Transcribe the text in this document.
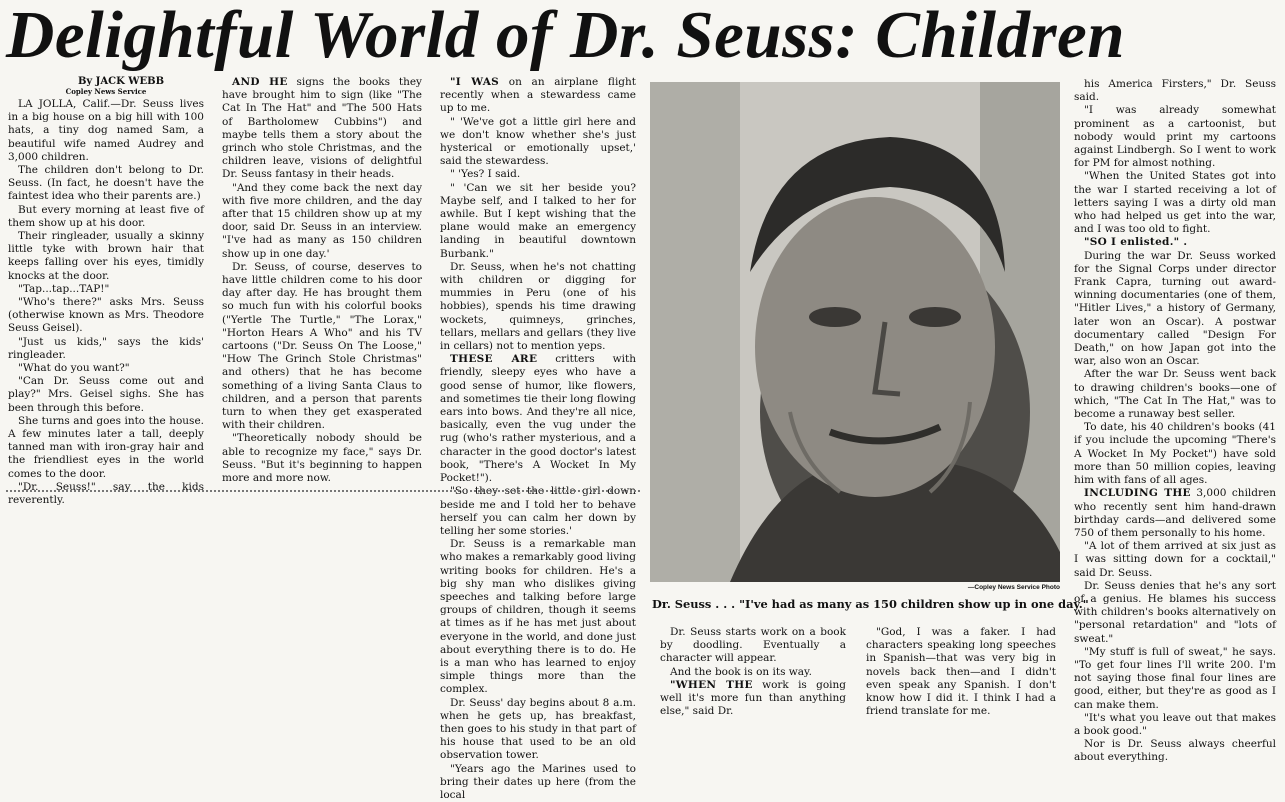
Delightful World of Dr. Seuss: Children
By JACK WEBB
Copley News Service

LA JOLLA, Calif.—Dr. Seuss lives in a big house on a big hill with 100 hats, a tiny dog named Sam, a beautiful wife named Audrey and 3,000 children.

The children don't belong to Dr. Seuss. (In fact, he doesn't have the faintest idea who their parents are.)

But every morning at least five of them show up at his door.

Their ringleader, usually a skinny little tyke with brown hair that keeps falling over his eyes, timidly knocks at the door.

"Tap...tap...TAP!"

"Who's there?" asks Mrs. Seuss (otherwise known as Mrs. Theodore Seuss Geisel).

"Just us kids," says the kids' ringleader.

"What do you want?"

"Can Dr. Seuss come out and play?" Mrs. Geisel sighs. She has been through this before.

She turns and goes into the house. A few minutes later a tall, deeply tanned man with iron-gray hair and the friendliest eyes in the world comes to the door.

"Dr. Seuss!" say the kids reverently.

AND HE signs the books they have brought him to sign (like "The Cat In The Hat" and "The 500 Hats of Bartholomew Cubbins") and maybe tells them a story about the grinch who stole Christmas, and the children leave, visions of delightful Dr. Seuss fantasy in their heads.

"And they come back the next day with five more children, and the day after that 15 children show up at my door, said Dr. Seuss in an interview. "I've had as many as 150 children show up in one day.'

Dr. Seuss, of course, deserves to have little children come to his door day after day. He has brought them so much fun with his colorful books ("Yertle The Turtle," "The Lorax," "Horton Hears A Who" and his TV cartoons ("Dr. Seuss On The Loose," "How The Grinch Stole Christmas" and others) that he has become something of a living Santa Claus to children, and a person that parents turn to when they get exasperated with their children.

"Theoretically nobody should be able to recognize my face," says Dr. Seuss. "But it's beginning to happen more and more now.

"I WAS on an airplane flight recently when a stewardess came up to me.

" 'We've got a little girl here and we don't know whether she's just hysterical or emotionally upset,' said the stewardess.

" 'Yes? I said.

" 'Can we sit her beside you? Maybe self, and I talked to her for awhile. But I kept wishing that the plane would make an emergency landing in beautiful downtown Burbank."

Dr. Seuss, when he's not chatting with children or digging for mummies in Peru (one of his hobbies), spends his time drawing wockets, quimneys, grinches, tellars, mellars and gellars (they live in cellars) not to mention yeps.

THESE ARE critters with friendly, sleepy eyes who have a good sense of humor, like flowers, and sometimes tie their long flowing ears into bows. And they're all nice, basically, even the vug under the rug (who's rather mysterious, and a character in the good doctor's latest book, "There's A Wocket In My Pocket!").

"So they set the little girl down beside me and I told her to behave herself you can calm her down by telling her some stories.'

Dr. Seuss is a remarkable man who makes a remarkably good living writing books for children. He's a big shy man who dislikes giving speeches and talking before large groups of children, though it seems at times as if he has met just about everyone in the world, and done just about everything there is to do. He is a man who has learned to enjoy simple things more than the complex.

Dr. Seuss' day begins about 8 a.m. when he gets up, has breakfast, then goes to his study in that part of his house that used to be an old observation tower.

"Years ago the Marines used to bring their dates up here (from the local

—Copley News Service Photo
Dr. Seuss . . . "I've had as many as 150 children show up in one day."

Dr. Seuss starts work on a book by doodling. Eventually a character will appear.

And the book is on its way.

"WHEN THE work is going well it's more fun than anything else," said Dr.

"God, I was a faker. I had characters speaking long speeches in Spanish—that was very big in novels back then—and I didn't even speak any Spanish. I don't know how I did it. I think I had a friend translate for me.

his America Firsters," Dr. Seuss said.

"I was already somewhat prominent as a cartoonist, but nobody would print my cartoons against Lindbergh. So I went to work for PM for almost nothing.

"When the United States got into the war I started receiving a lot of letters saying I was a dirty old man who had helped us get into the war, and I was too old to fight.

"SO I enlisted." .

During the war Dr. Seuss worked for the Signal Corps under director Frank Capra, turning out award-winning documentaries (one of them, "Hitler Lives," a history of Germany, later won an Oscar). A postwar documentary called "Design For Death," on how Japan got into the war, also won an Oscar.

After the war Dr. Seuss went back to drawing children's books—one of which, "The Cat In The Hat," was to become a runaway best seller.

To date, his 40 children's books (41 if you include the upcoming "There's A Wocket In My Pocket") have sold more than 50 million copies, leaving him with fans of all ages.

INCLUDING THE 3,000 children who recently sent him hand-drawn birthday cards—and delivered some 750 of them personally to his home.

"A lot of them arrived at six just as I was sitting down for a cocktail," said Dr. Seuss.

Dr. Seuss denies that he's any sort of a genius. He blames his success with children's books alternatively on "personal retardation" and "lots of sweat."

"My stuff is full of sweat," he says. "To get four lines I'll write 200. I'm not saying those final four lines are good, either, but they're as good as I can make them.

"It's what you leave out that makes a book good."

Nor is Dr. Seuss always cheerful about everything.
